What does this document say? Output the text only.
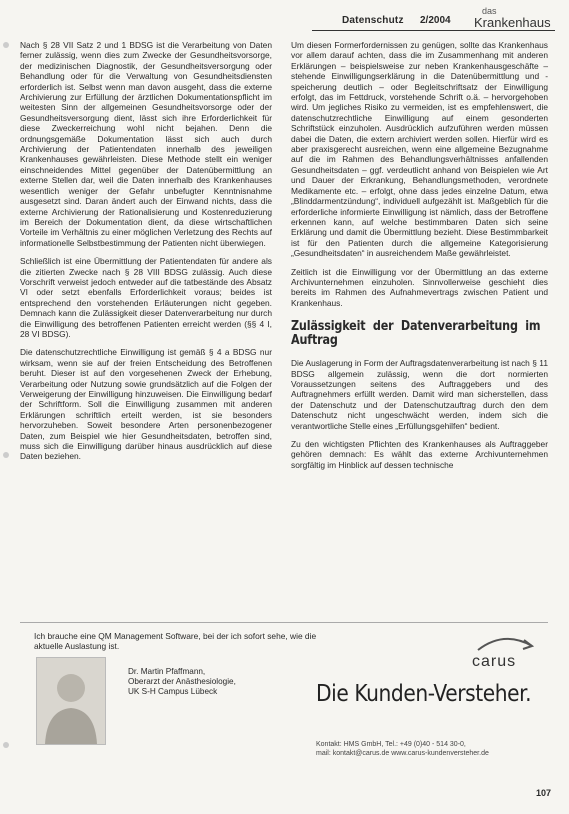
Datenschutz 2/2004
das
Krankenhaus

Nach § 28 VII Satz 2 und 1 BDSG ist die Verarbeitung von Daten ferner zulässig, wenn dies zum Zwecke der Gesundheitsvorsorge, der medizinischen Diagnostik, der Gesundheitsversorgung oder Behandlung oder für die Verwaltung von Gesundheitsdiensten erforderlich ist. Selbst wenn man davon ausgeht, dass die externe Archivierung zur Erfüllung der ärztlichen Dokumentationspflicht im weitesten Sinn der allgemeinen Gesundheitsvorsorge oder der Gesundheitsversorgung dient, lässt sich ihre Erforderlichkeit für diese Zweckerreichung wohl nicht bejahen. Denn die ordnungsgemäße Dokumentation lässt sich auch durch Archivierung der Patientendaten innerhalb des jeweiligen Krankenhauses gewährleisten. Diese Methode stellt ein weniger einschneidendes Mittel gegenüber der Datenübermittlung an externe Stellen dar, weil die Daten innerhalb des Krankenhauses wesentlich weniger der Gefahr unbefugter Kenntnisnahme ausgesetzt sind. Daran ändert auch der Einwand nichts, dass die externe Archivierung der Rationalisierung und Kostenreduzierung im Bereich der Dokumentation dient, da diese wirtschaftlichen Vorteile im Verhältnis zu einer möglichen Verletzung des Rechts auf informationelle Selbstbestimmung der Patienten nicht überwiegen.

Schließlich ist eine Übermittlung der Patientendaten für andere als die zitierten Zwecke nach § 28 VIII BDSG zulässig. Auch diese Vorschrift verweist jedoch entweder auf die tatbestände des Absatz VI oder setzt ebenfalls Erforderlichkeit voraus; beides ist entsprechend den vorstehenden Erläuterungen nicht gegeben. Demnach kann die Zulässigkeit dieser Datenverarbeitung nur durch die Einwilligung des betroffenen Patienten erreicht werden (§§ 4 I, 28 VI BDSG).

Die datenschutzrechtliche Einwilligung ist gemäß § 4 a BDSG nur wirksam, wenn sie auf der freien Entscheidung des Betroffenen beruht. Dieser ist auf den vorgesehenen Zweck der Erhebung, Verarbeitung oder Nutzung sowie grundsätzlich auf die Folgen der Verweigerung der Einwilligung hinzuweisen. Die Einwilligung bedarf der Schriftform. Soll die Einwilligung zusammen mit anderen Erklärungen schriftlich erteilt werden, ist sie besonders hervorzuheben. Soweit besondere Arten personenbezogener Daten, zum Beispiel wie hier Gesundheitsdaten, betroffen sind, muss sich die Einwilligung darüber hinaus ausdrücklich auf diese Daten beziehen.

Um diesen Formerfordernissen zu genügen, sollte das Krankenhaus vor allem darauf achten, dass die im Zusammenhang mit anderen Erklärungen – beispielsweise zur neben Krankenhausgeschäfte – stehende Einwilligungserklärung in die Datenübermittlung und -speicherung deutlich – oder Begleitschriftsatz der Einwilligung erfolgt, das im Fettdruck, vorstehende Schrift o.ä. – hervorgehoben wird. Um jegliches Risiko zu vermeiden, ist es empfehlenswert, die datenschutzrechtliche Einwilligung auf einem gesonderten Schriftstück einzuholen. Ausdrücklich aufzuführen werden müssen dabei die Daten, die extern archiviert werden sollen. Hierfür wird es aber praxisgerecht ausreichen, wenn eine allgemeine Bezugnahme auf die im Rahmen des Behandlungsverhältnisses anfallenden Gesundheitsdaten – ggf. verdeutlicht anhand von Beispielen wie Art und Dauer der Erkrankung, Behandlungsmethoden, verordnete Medikamente etc. – erfolgt, ohne dass jedes einzelne Datum, etwa „Blinddarmentzündung“, individuell aufgezählt ist. Maßgeblich für die erforderliche informierte Einwilligung ist nämlich, dass der Betroffene erkennen kann, auf welche bestimmbaren Daten sich seine Erklärung und damit die Übermittlung bezieht. Diese Bestimmbarkeit ist für den Patienten durch die allgemeine Kategorisierung „Gesundheitsdaten“ in ausreichendem Maße gewährleistet.

Zeitlich ist die Einwilligung vor der Übermittlung an das externe Archivunternehmen einzuholen. Sinnvollerweise geschieht dies bereits im Rahmen des Aufnahmevertrags zwischen Patient und Krankenhaus.

Zulässigkeit der Datenverarbeitung im Auftrag

Die Auslagerung in Form der Auftragsdatenverarbeitung ist nach § 11 BDSG allgemein zulässig, wenn die dort normierten Voraussetzungen seitens des Auftraggebers und des Auftragnehmers erfüllt werden. Damit wird man sicherstellen, dass der Datenschutz und der Datenschutzauftrag durch den dem Datenschutz nicht ungeschwächt werden, indem sich die verantwortliche Stelle eines „Erfüllungsgehilfen“ bedient.

Zu den wichtigsten Pflichten des Krankenhauses als Auftraggeber gehören demnach: Es wählt das externe Archivunternehmen sorgfältig im Hinblick auf dessen technische

Ich brauche eine QM Management Software, bei der ich sofort sehe, wie die aktuelle Auslastung ist.
Dr. Martin Pfaffmann,
Oberarzt der Anästhesiologie,
UK S-H Campus Lübeck
carus
Die Kunden-Versteher.
Kontakt: HMS GmbH, Tel.: +49 (0)40 - 514 30-0,
mail: kontakt@carus.de www.carus-kundenversteher.de
107
